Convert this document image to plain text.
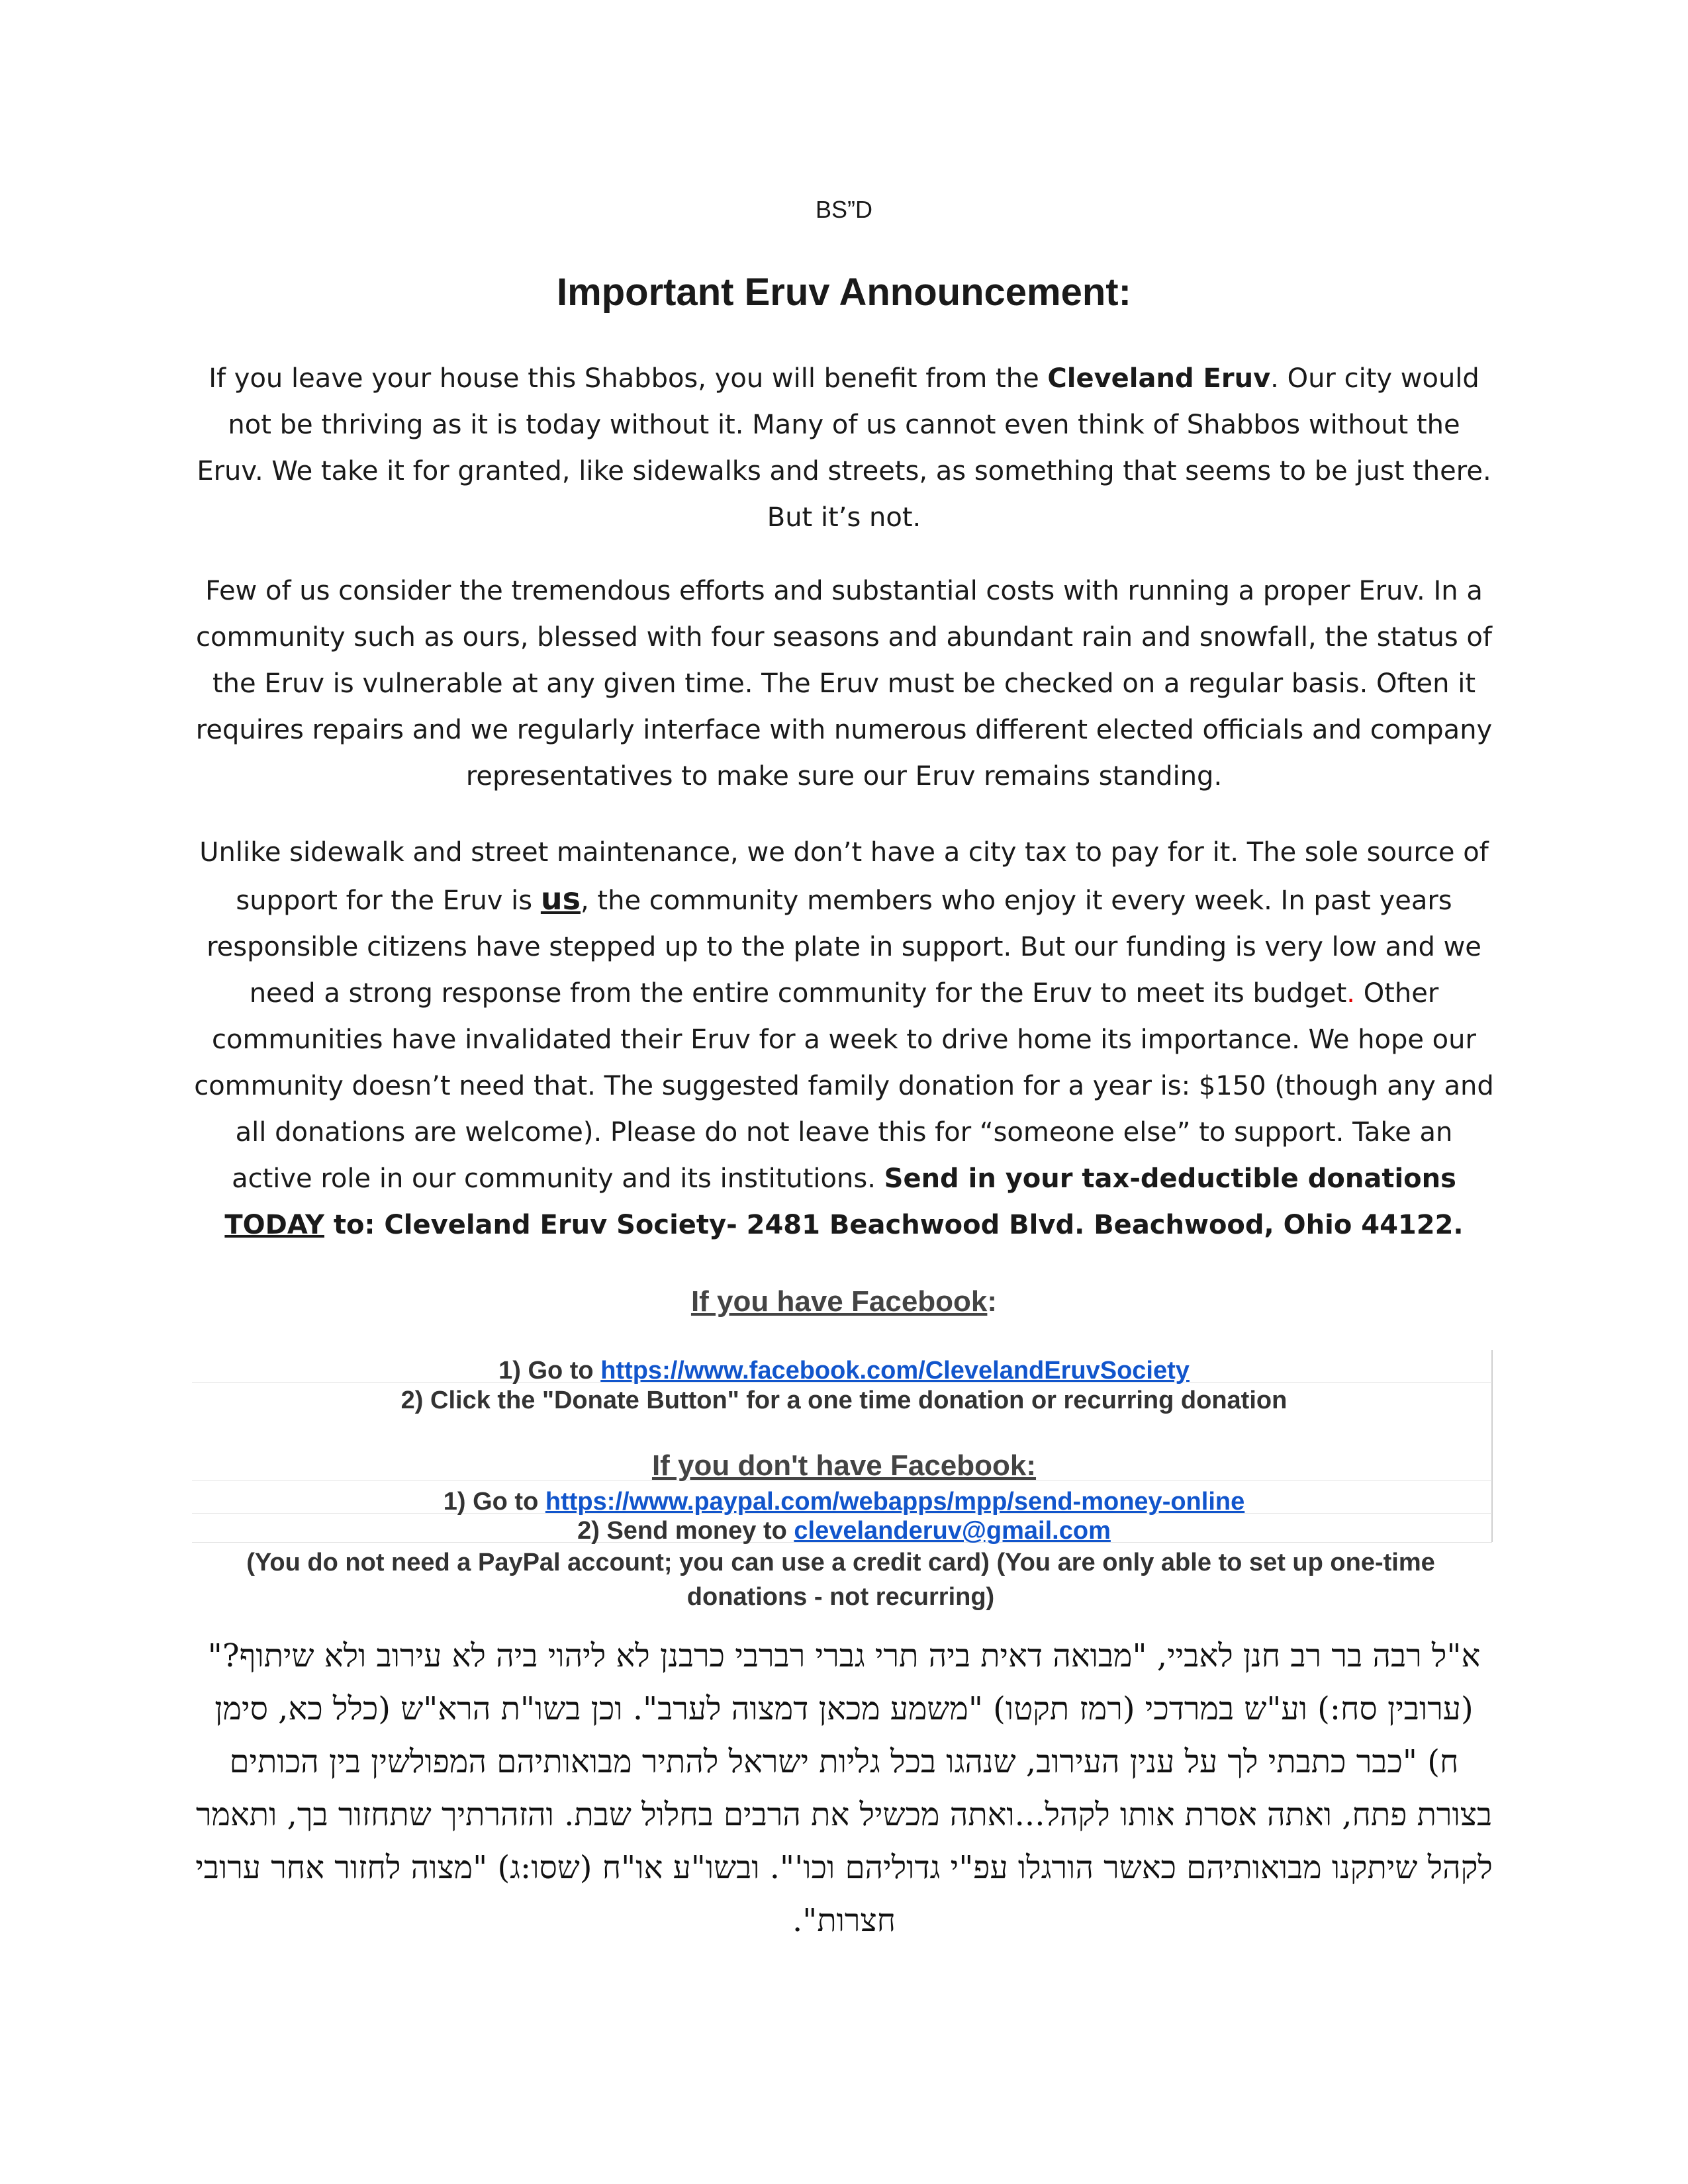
BS”D
Important Eruv Announcement:

If you leave your house this Shabbos, you will benefit from the Cleveland Eruv. Our city would not be thriving as it is today without it. Many of us cannot even think of Shabbos without the Eruv. We take it for granted, like sidewalks and streets, as something that seems to be just there. But it’s not.

Few of us consider the tremendous efforts and substantial costs with running a proper Eruv. In a community such as ours, blessed with four seasons and abundant rain and snowfall, the status of the Eruv is vulnerable at any given time. The Eruv must be checked on a regular basis. Often it requires repairs and we regularly interface with numerous different elected officials and company representatives to make sure our Eruv remains standing.

Unlike sidewalk and street maintenance, we don’t have a city tax to pay for it. The sole source of support for the Eruv is us, the community members who enjoy it every week. In past years responsible citizens have stepped up to the plate in support. But our funding is very low and we need a strong response from the entire community for the Eruv to meet its budget. Other communities have invalidated their Eruv for a week to drive home its importance. We hope our community doesn’t need that. The suggested family donation for a year is: $150 (though any and all donations are welcome). Please do not leave this for “someone else” to support. Take an active role in our community and its institutions. Send in your tax-deductible donations TODAY to: Cleveland Eruv Society- 2481 Beachwood Blvd. Beachwood, Ohio 44122.

If you have Facebook:
1) Go to https://www.facebook.com/ClevelandEruvSociety
2) Click the "Donate Button" for a one time donation or recurring donation
If you don't have Facebook:
1) Go to https://www.paypal.com/webapps/mpp/send-money-online
2) Send money to clevelanderuv@gmail.com
(You do not need a PayPal account; you can use a credit card) (You are only able to set up one-time donations - not recurring)

א"ל רבה בר רב חנן לאביי, "מבואה דאית ביה תרי גברי רברבי כרבנן לא ליהוי ביה לא עירוב ולא שיתוף?" (ערובין סח:) וע"ש במרדכי (רמז תקטו) "משמע מכאן דמצוה לערב". וכן בשו"ת הרא"ש (כלל כא, סימן ח) "כבר כתבתי לך על ענין העירוב, שנהגו בכל גליות ישראל להתיר מבואותיהם המפולשין בין הכותים בצורת פתח, ואתה אסרת אותו לקהל...ואתה מכשיל את הרבים בחלול שבת. והזהרתיך שתחזור בך, ותאמר לקהל שיתקנו מבואותיהם כאשר הורגלו עפ"י גדוליהם וכו'". ובשו"ע או"ח (שסו:ג) "מצוה לחזור אחר ערובי חצרות".
